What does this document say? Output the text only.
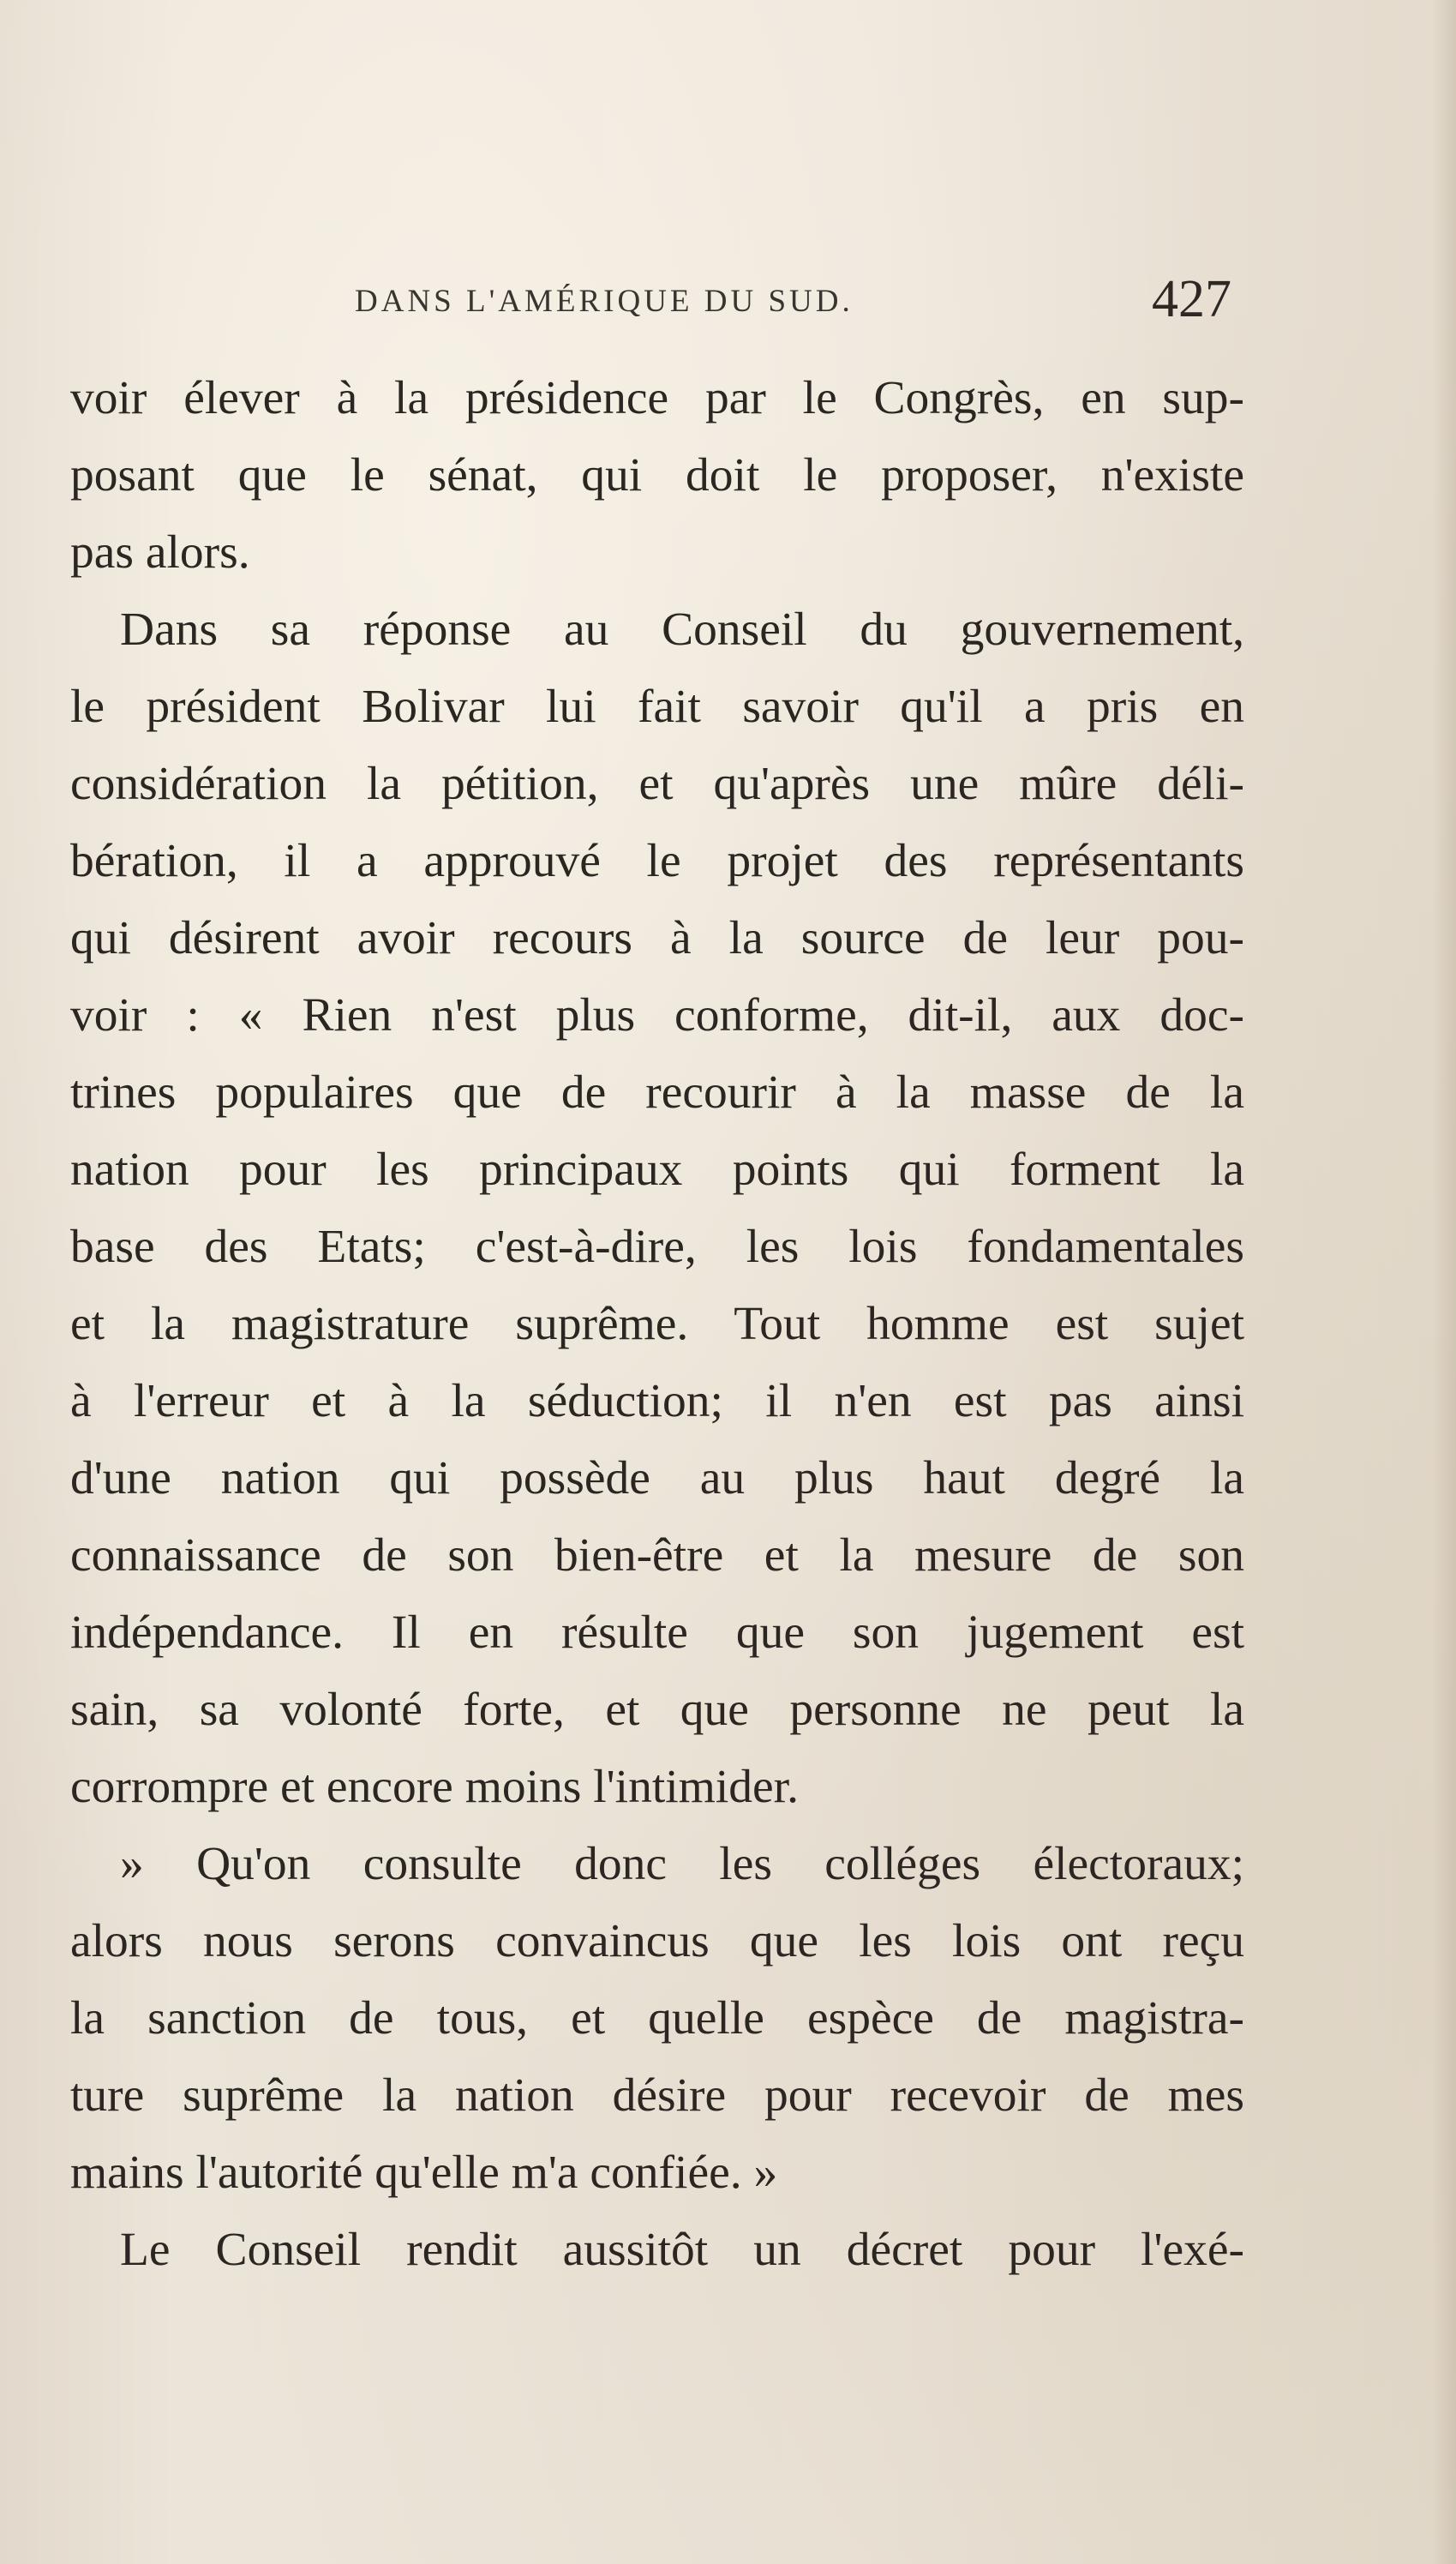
DANS L'AMÉRIQUE DU SUD.	427
voir élever à la présidence par le Congrès, en sup-
posant que le sénat, qui doit le proposer, n'existe
pas alors.
Dans sa réponse au Conseil du gouvernement,
le président Bolivar lui fait savoir qu'il a pris en
considération la pétition, et qu'après une mûre déli-
bération, il a approuvé le projet des représentants
qui désirent avoir recours à la source de leur pou-
voir : « Rien n'est plus conforme, dit-il, aux doc-
trines populaires que de recourir à la masse de la
nation pour les principaux points qui forment la
base des Etats; c'est-à-dire, les lois fondamentales
et la magistrature suprême. Tout homme est sujet
à l'erreur et à la séduction; il n'en est pas ainsi
d'une nation qui possède au plus haut degré la
connaissance de son bien-être et la mesure de son
indépendance. Il en résulte que son jugement est
sain, sa volonté forte, et que personne ne peut la
corrompre et encore moins l'intimider.
» Qu'on consulte donc les colléges électoraux;
alors nous serons convaincus que les lois ont reçu
la sanction de tous, et quelle espèce de magistra-
ture suprême la nation désire pour recevoir de mes
mains l'autorité qu'elle m'a confiée. »
Le Conseil rendit aussitôt un décret pour l'exé-
